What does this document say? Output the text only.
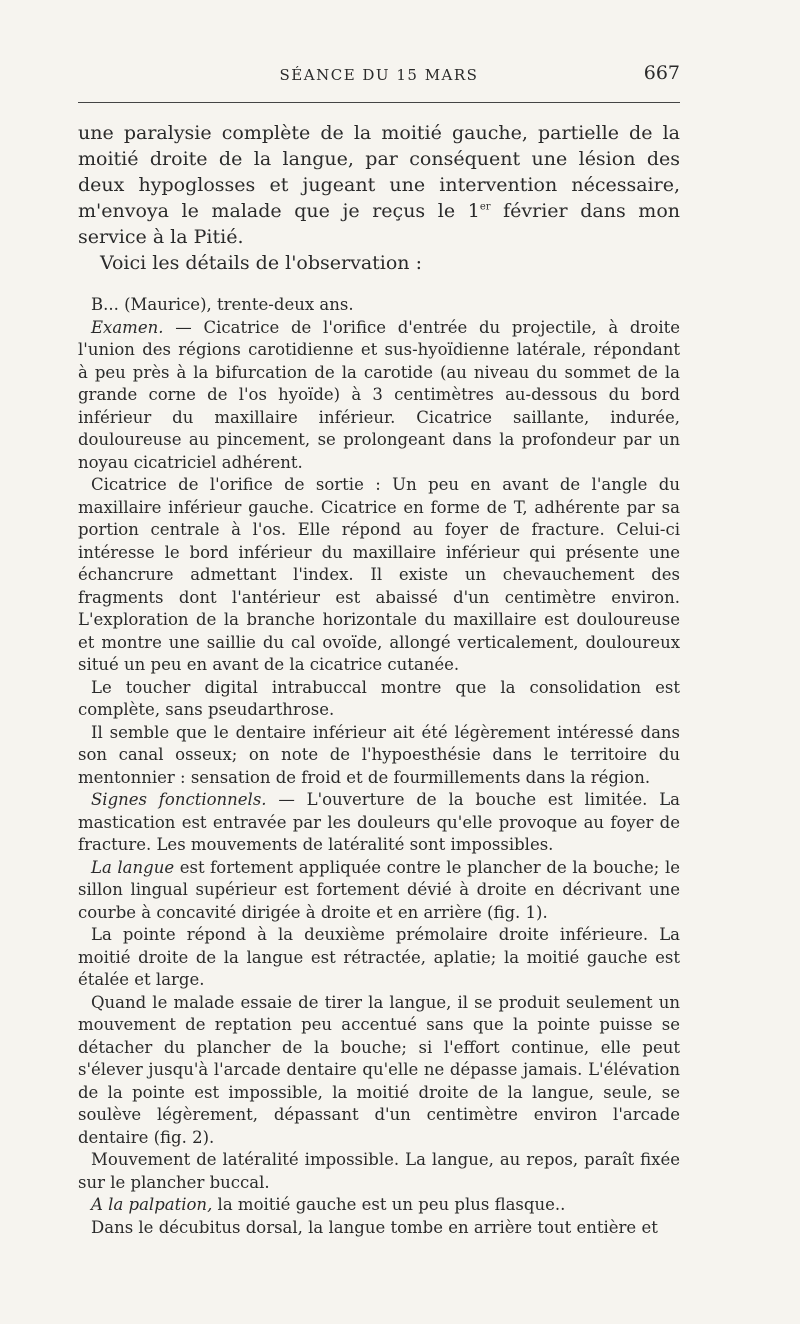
SÉANCE DU 15 MARS	667

une paralysie complète de la moitié gauche, partielle de la moitié droite de la langue, par conséquent une lésion des deux hypoglosses et jugeant une intervention nécessaire, m'envoya le malade que je reçus le 1er février dans mon service à la Pitié.

Voici les détails de l'observation :

B... (Maurice), trente-deux ans.

Examen. — Cicatrice de l'orifice d'entrée du projectile, à droite l'union des régions carotidienne et sus-hyoïdienne latérale, répondant à peu près à la bifurcation de la carotide (au niveau du sommet de la grande corne de l'os hyoïde) à 3 centimètres au-dessous du bord inférieur du maxillaire inférieur. Cicatrice saillante, indurée, douloureuse au pincement, se prolongeant dans la profondeur par un noyau cicatriciel adhérent.

Cicatrice de l'orifice de sortie : Un peu en avant de l'angle du maxillaire inférieur gauche. Cicatrice en forme de T, adhérente par sa portion centrale à l'os. Elle répond au foyer de fracture. Celui-ci intéresse le bord inférieur du maxillaire inférieur qui présente une échancrure admettant l'index. Il existe un chevauchement des fragments dont l'antérieur est abaissé d'un centimètre environ. L'exploration de la branche horizontale du maxillaire est douloureuse et montre une saillie du cal ovoïde, allongé verticalement, douloureux situé un peu en avant de la cicatrice cutanée.

Le toucher digital intrabuccal montre que la consolidation est complète, sans pseudarthrose.

Il semble que le dentaire inférieur ait été légèrement intéressé dans son canal osseux; on note de l'hypoesthésie dans le territoire du mentonnier : sensation de froid et de fourmillements dans la région.

Signes fonctionnels. — L'ouverture de la bouche est limitée. La mastication est entravée par les douleurs qu'elle provoque au foyer de fracture. Les mouvements de latéralité sont impossibles.

La langue est fortement appliquée contre le plancher de la bouche; le sillon lingual supérieur est fortement dévié à droite en décrivant une courbe à concavité dirigée à droite et en arrière (fig. 1).

La pointe répond à la deuxième prémolaire droite inférieure. La moitié droite de la langue est rétractée, aplatie; la moitié gauche est étalée et large.

Quand le malade essaie de tirer la langue, il se produit seulement un mouvement de reptation peu accentué sans que la pointe puisse se détacher du plancher de la bouche; si l'effort continue, elle peut s'élever jusqu'à l'arcade dentaire qu'elle ne dépasse jamais. L'élévation de la pointe est impossible, la moitié droite de la langue, seule, se soulève légèrement, dépassant d'un centimètre environ l'arcade dentaire (fig. 2).

Mouvement de latéralité impossible. La langue, au repos, paraît fixée sur le plancher buccal.

A la palpation, la moitié gauche est un peu plus flasque..

Dans le décubitus dorsal, la langue tombe en arrière tout entière et
